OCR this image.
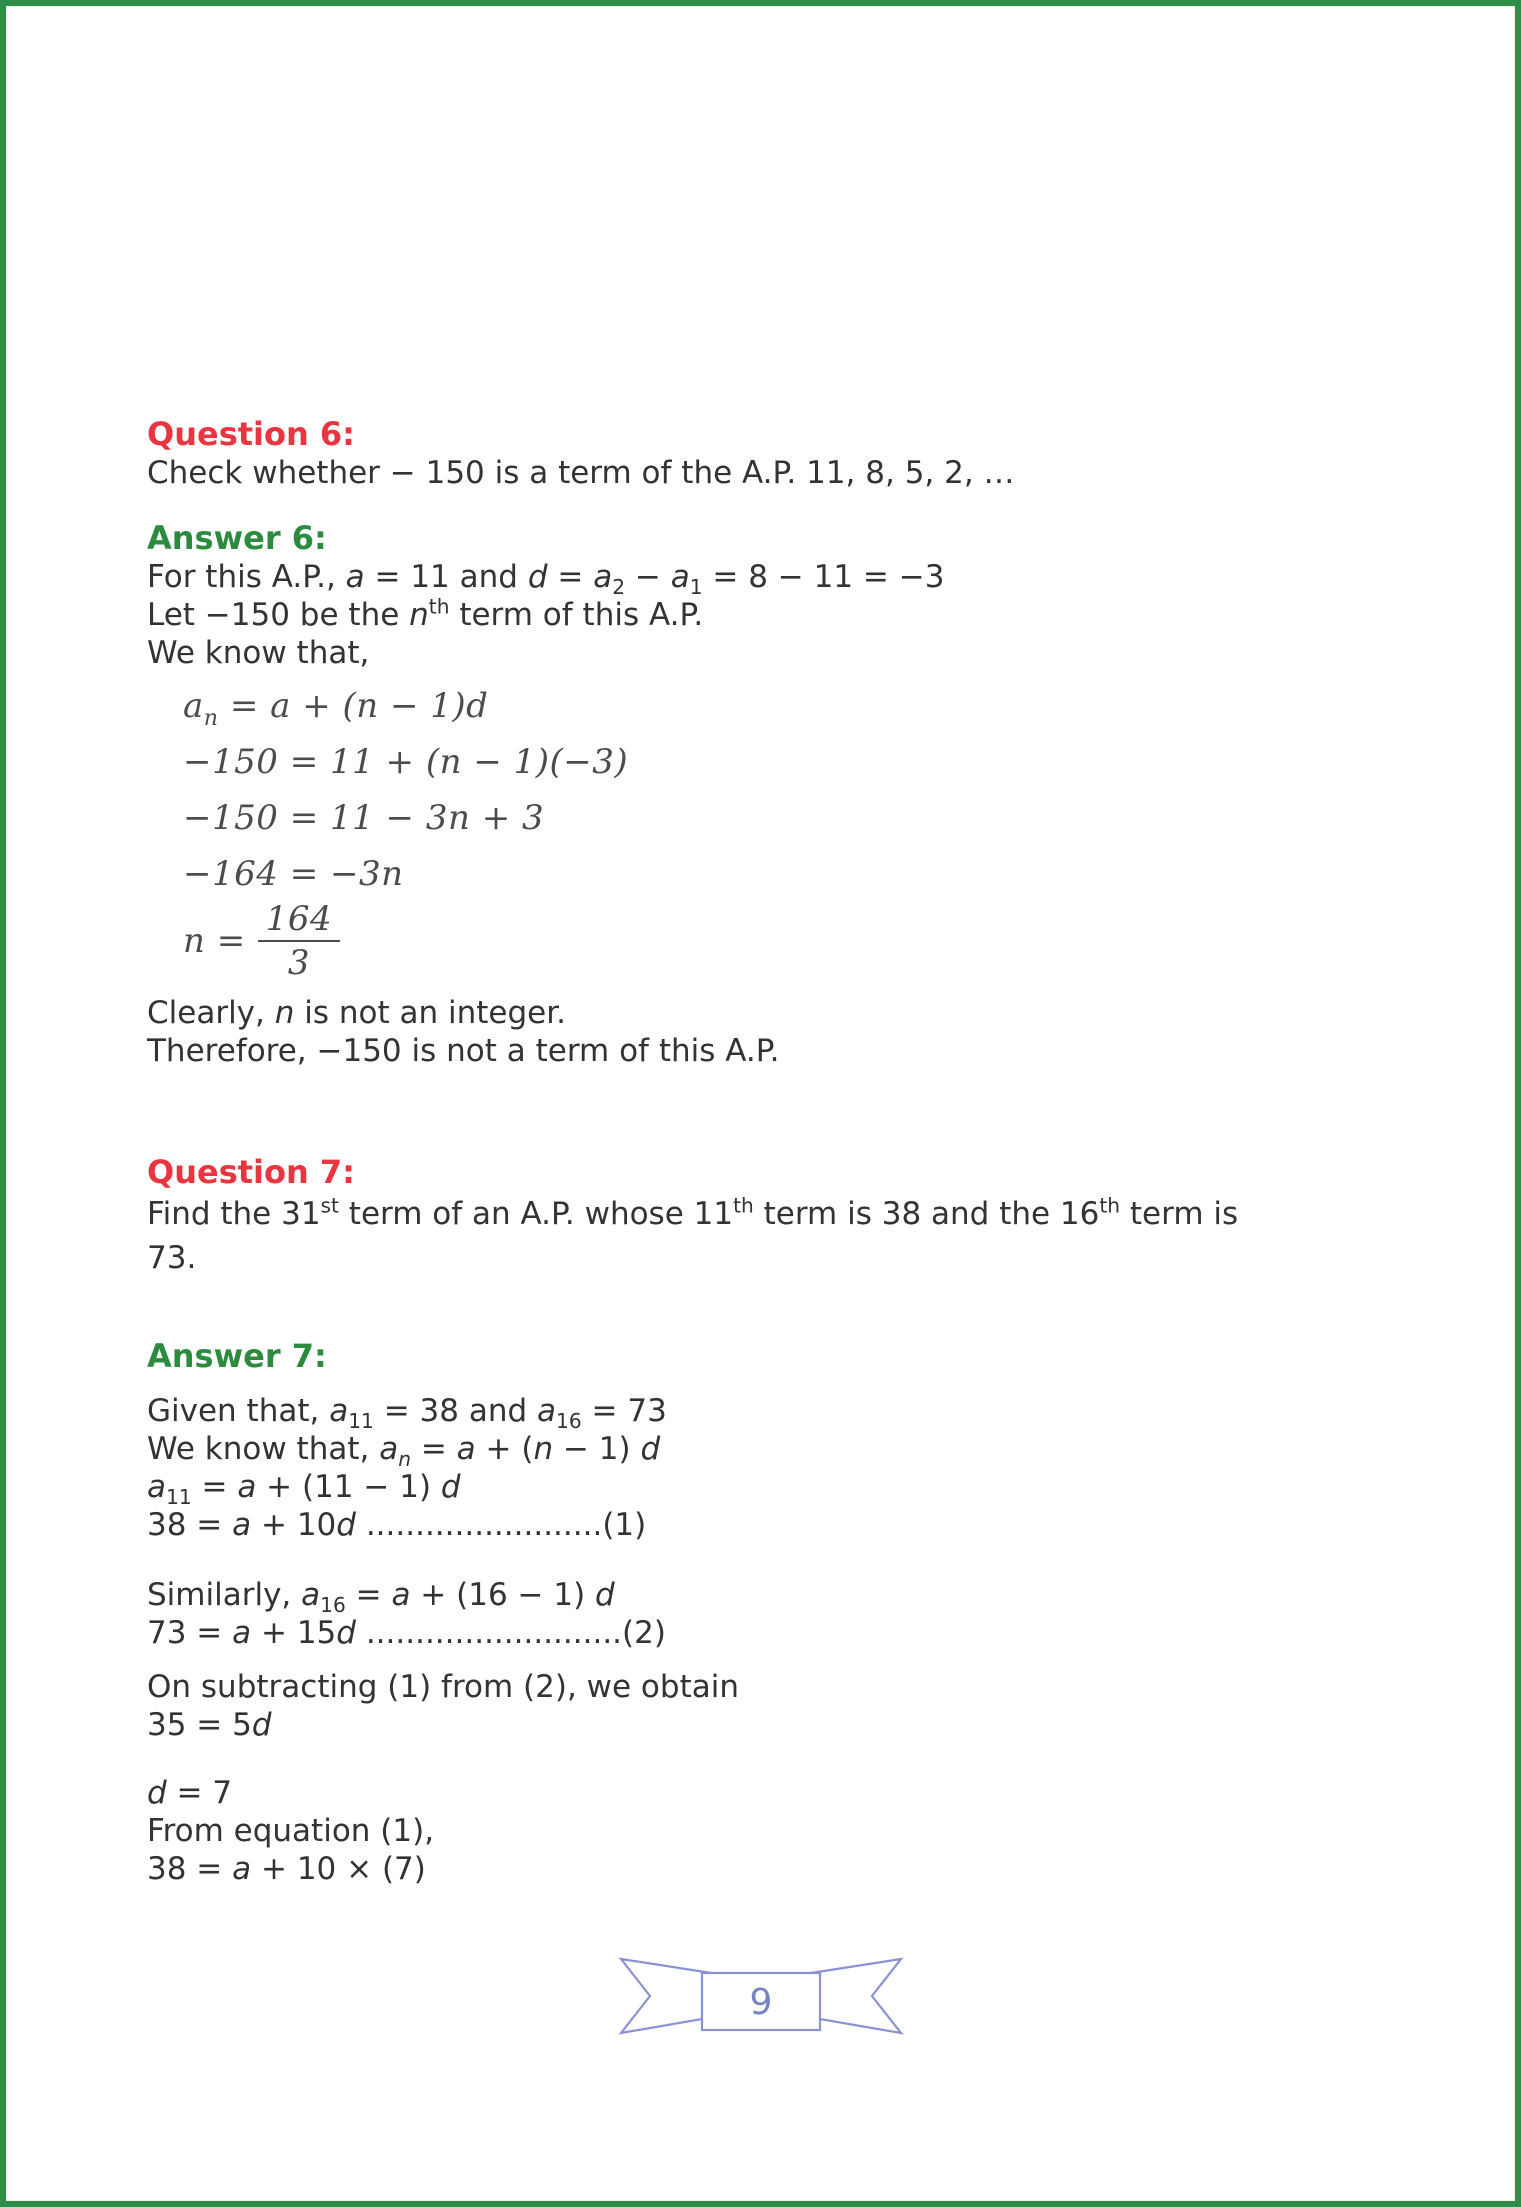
Question 6:
Check whether − 150 is a term of the A.P. 11, 8, 5, 2, …
Answer 6:
For this A.P., a = 11 and $d = a_2 - a_1 = 8 - 11 = -3$
Let −150 be the $n^{th}$ term of this A.P.
We know that,
$a_n = a + (n - 1)d$
−150 = 11 + (n − 1)(−3)
−150 = 11 − 3n + 3
−164 = −3n
$n = \frac{164}{3}$
Clearly, n is not an integer.
Therefore, −150 is not a term of this A.P.
Question 7:
Find the 31st term of an A.P. whose 11th term is 38 and the 16th term is
73.
Answer 7:
Given that, $a_{11} = 38$ and $a_{16} = 73$
We know that, $a_n = a + (n - 1)$ d
$a_{11} = a + (11 - 1)$ d
38 = a + 10d ........................(1)
Similarly, $a_{16} = a + (16 - 1)$ d
73 = a + 15d ..........................(2)
On subtracting (1) from (2), we obtain
35 = 5d
d = 7
From equation (1),
38 = a + 10 × (7)
9
